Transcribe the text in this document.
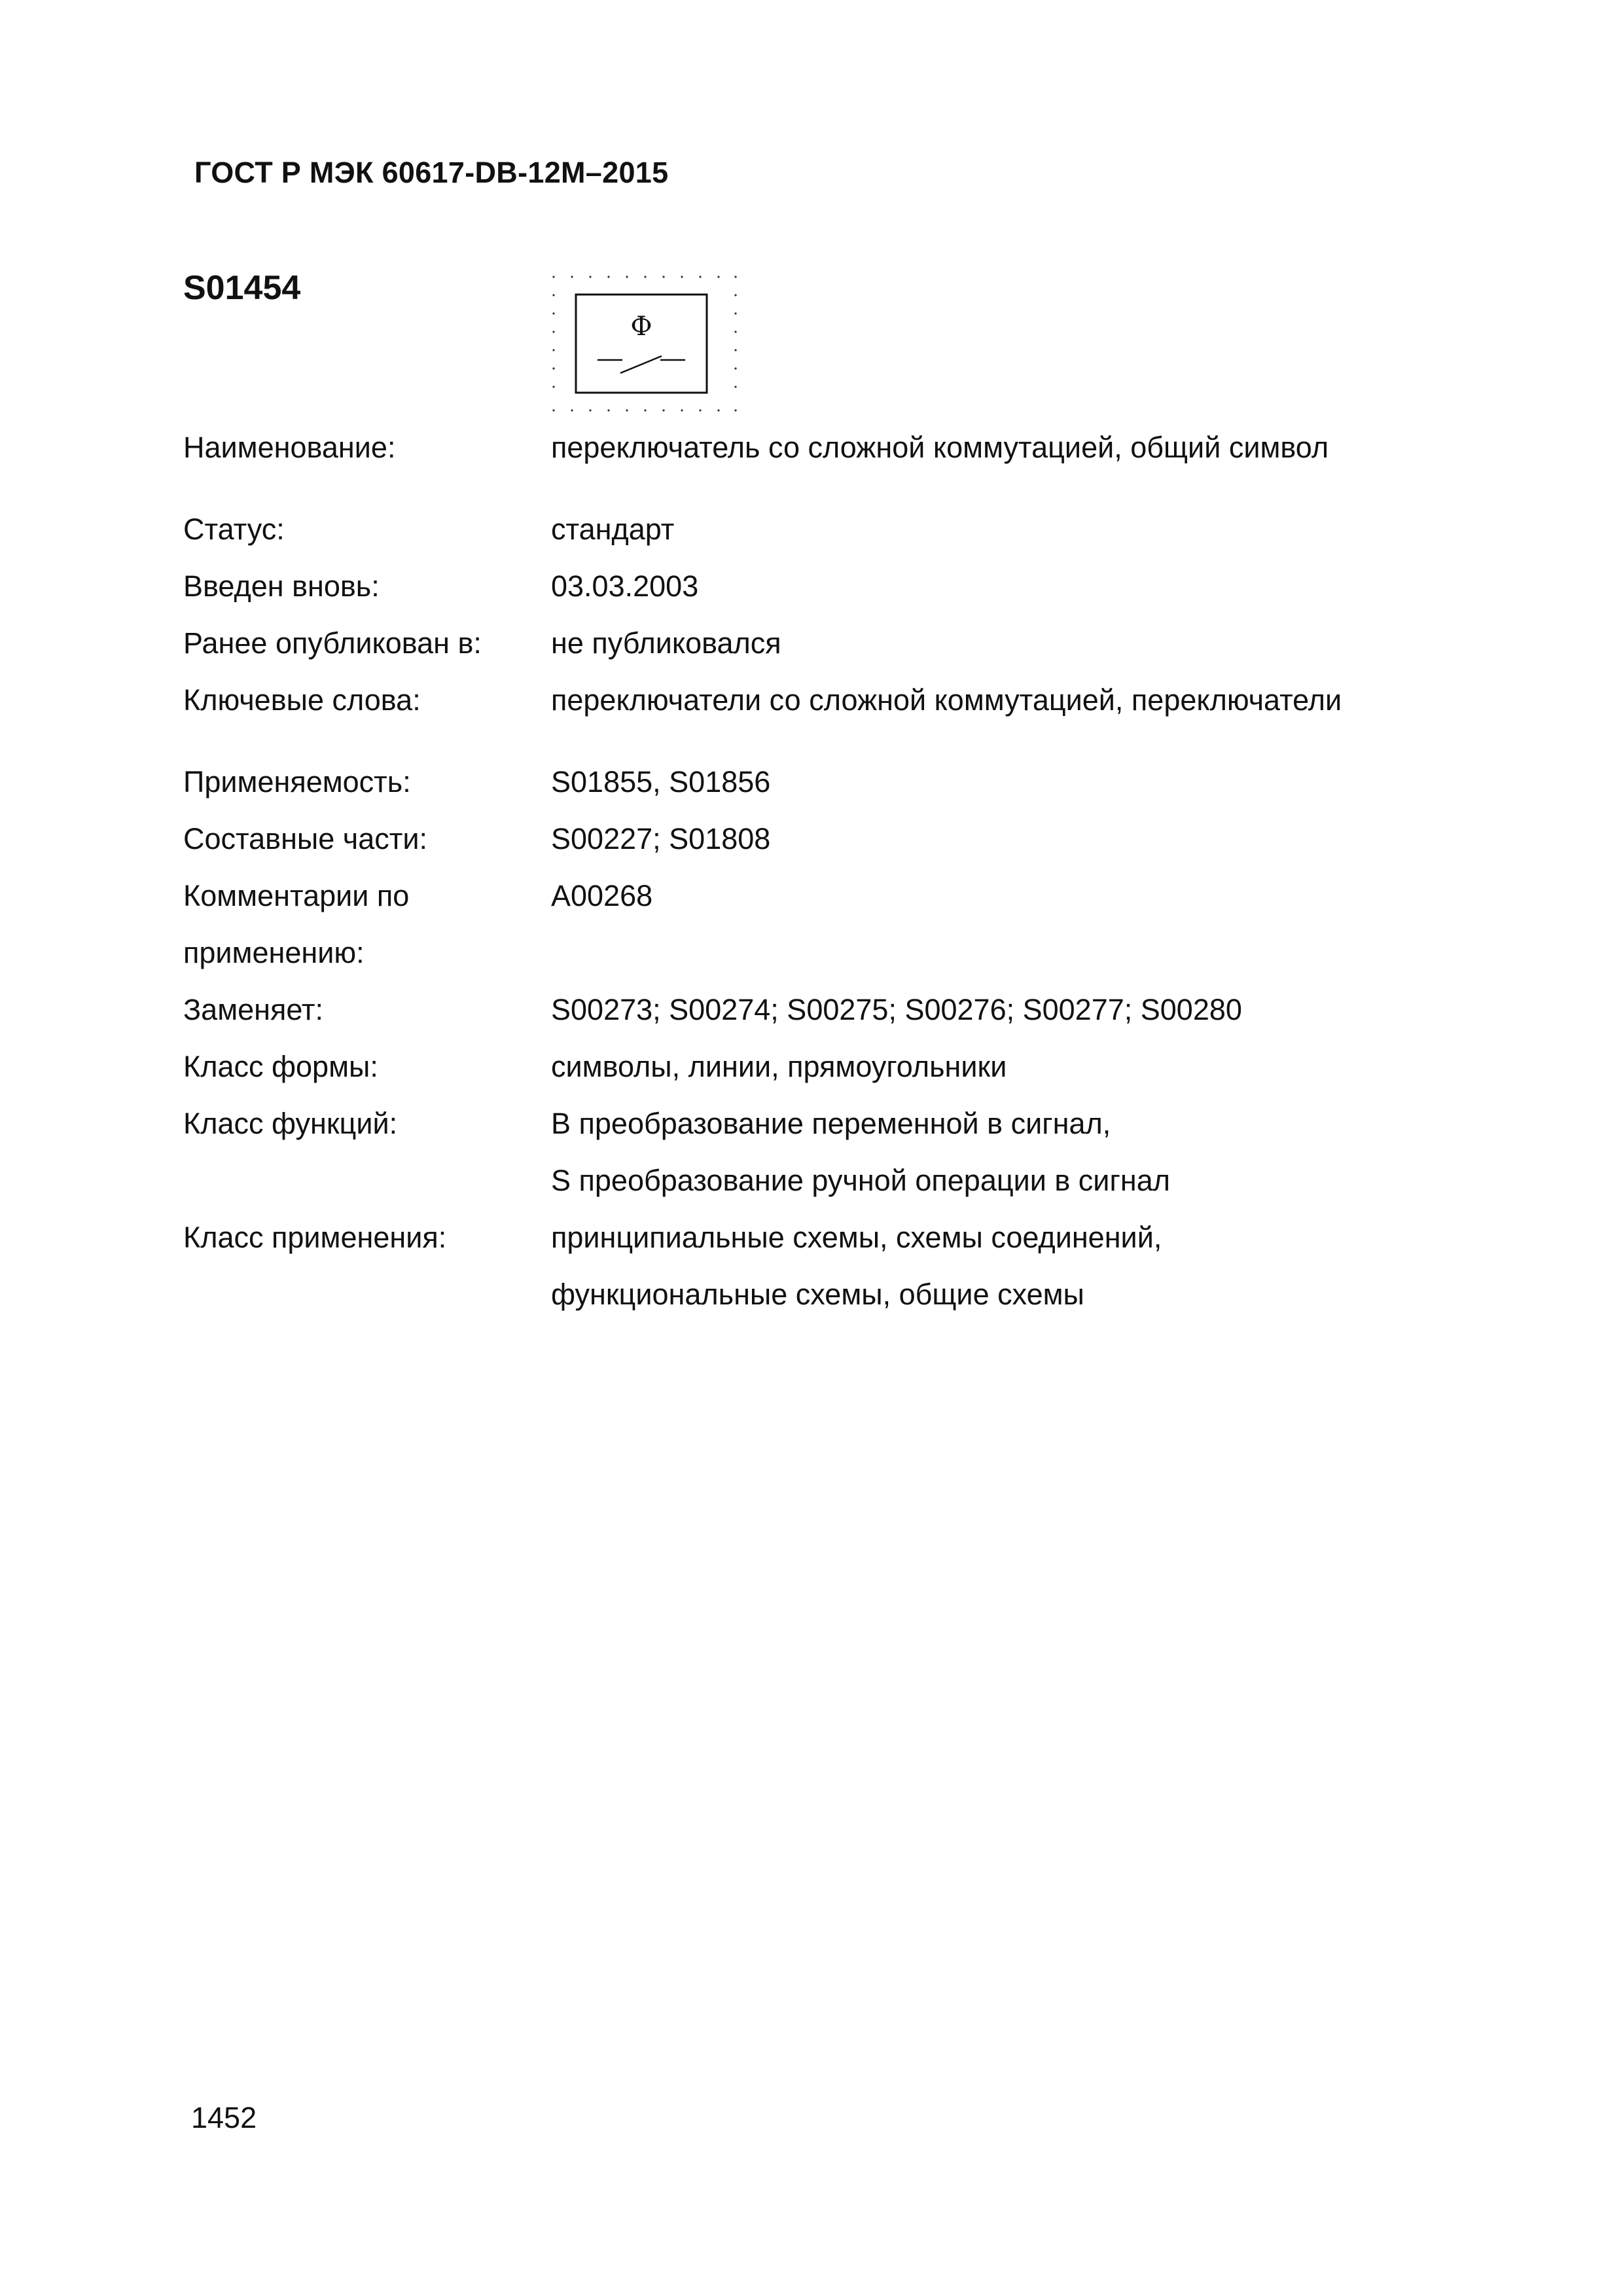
ГОСТ Р МЭК 60617-DB-12M–2015
S01454
Ф
Наименование:	переключатель со сложной коммутацией, общий символ
Статус:	стандарт
Введен вновь:	03.03.2003
Ранее опубликован в:	не публиковался
Ключевые слова:	переключатели со сложной коммутацией, переключатели
Применяемость:	S01855, S01856
Составные части:	S00227; S01808
Комментарии по
применению:	A00268
Заменяет:	S00273; S00274; S00275; S00276; S00277; S00280
Класс формы:	символы, линии, прямоугольники
Класс функций:	B преобразование переменной в сигнал,
S преобразование ручной операции в сигнал
Класс применения:	принципиальные схемы, схемы соединений,
функциональные схемы, общие схемы
1452
